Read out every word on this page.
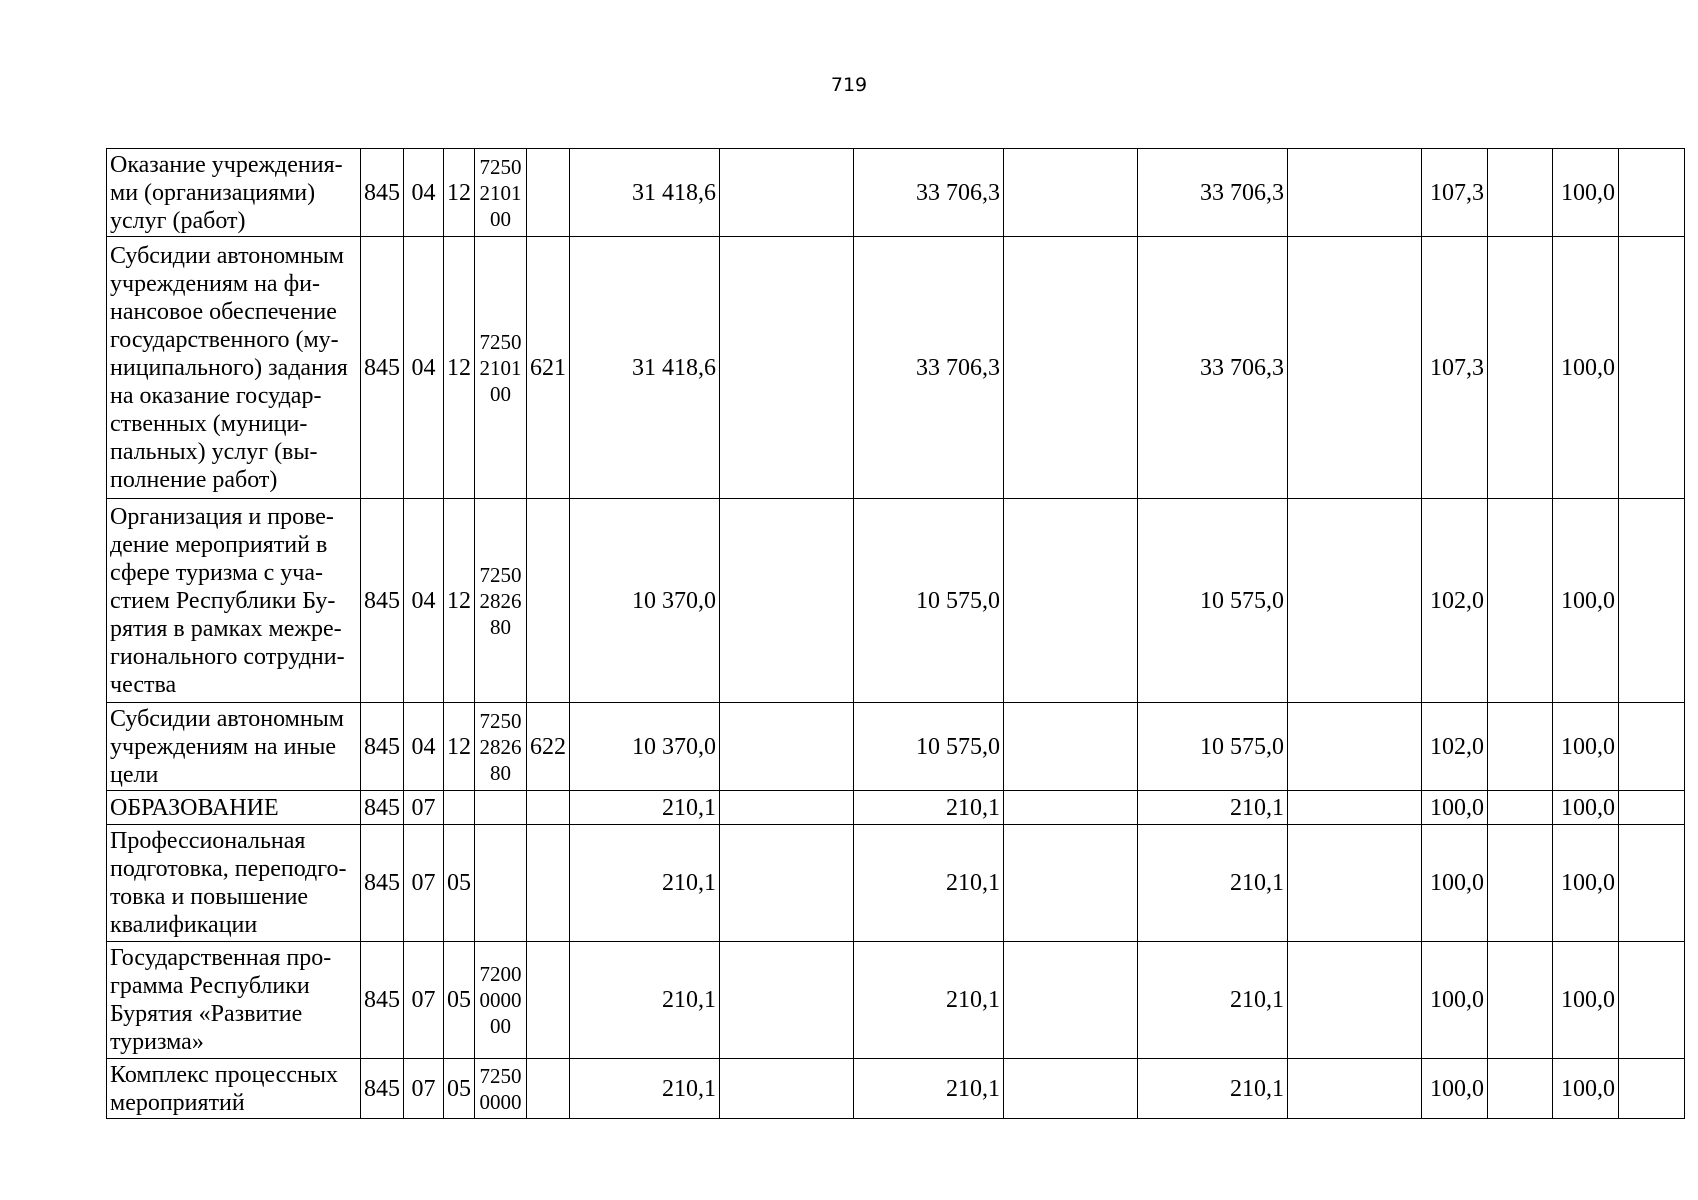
719
Оказание учреждения-ми (организациями) услуг (работ)	845	04	12	7250 2101 00		31 418,6		33 706,3		33 706,3		107,3		100,0	
Субсидии автономным учреждениям на фи-нансовое обеспечение государственного (му-ниципального) задания на оказание государ-ственных (муници-пальных) услуг (вы-полнение работ)	845	04	12	7250 2101 00	621	31 418,6		33 706,3		33 706,3		107,3		100,0	
Организация и прове-дение мероприятий в сфере туризма с уча-стием Республики Бу-рятия в рамках межре-гионального сотрудни-чества	845	04	12	7250 2826 80		10 370,0		10 575,0		10 575,0		102,0		100,0	
Субсидии автономным учреждениям на иные цели	845	04	12	7250 2826 80	622	10 370,0		10 575,0		10 575,0		102,0		100,0	
ОБРАЗОВАНИЕ	845	07				210,1		210,1		210,1		100,0		100,0	
Профессиональная подготовка, переподго-товка и повышение квалификации	845	07	05			210,1		210,1		210,1		100,0		100,0	
Государственная про-грамма Республики Бурятия «Развитие туризма»	845	07	05	7200 0000 00		210,1		210,1		210,1		100,0		100,0	
Комплекс процессных мероприятий	845	07	05	7250 0000		210,1		210,1		210,1		100,0		100,0	
